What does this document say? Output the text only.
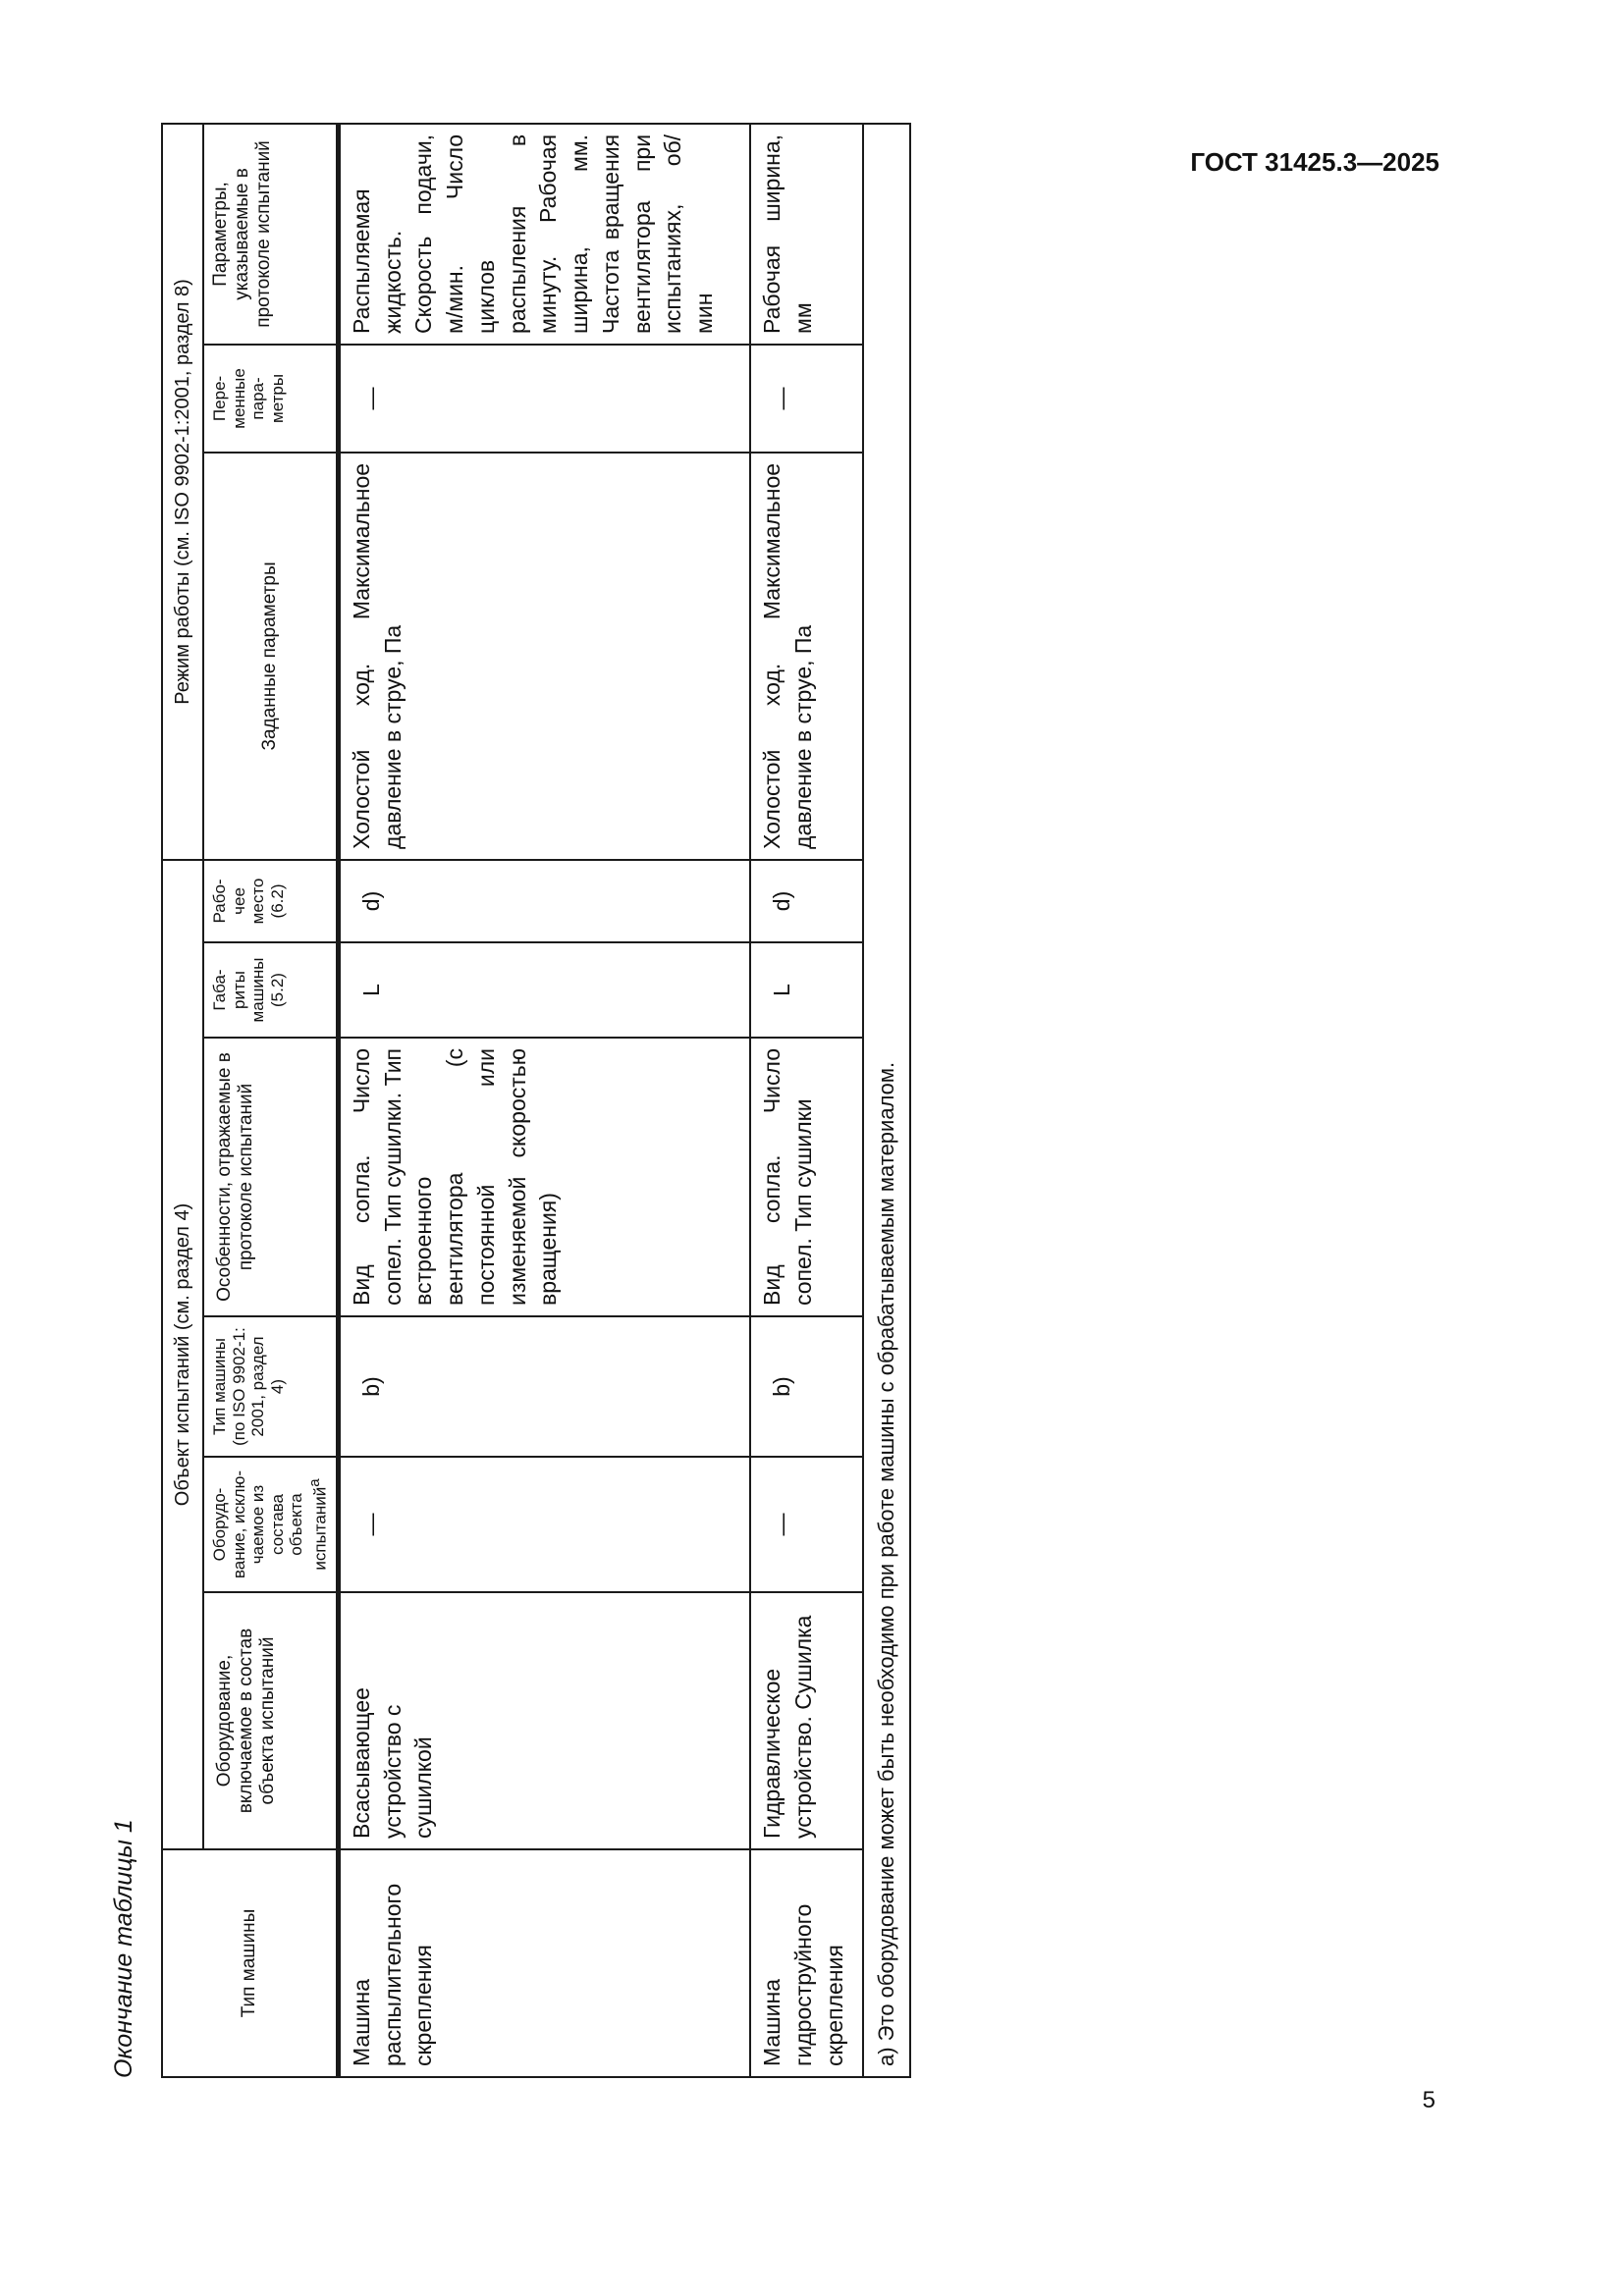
ГОСТ 31425.3—2025
Окончание таблицы 1	Тип машины	Объект испытаний (см. раздел 4)						Режим работы (см. ISO 9902-1:2001, раздел 8)		
	Оборудование, включаемое в состав объекта испытаний	Оборудо-вание, исклю-чаемое из состава объекта испытанийa	Тип машины (по ISO 9902-1: 2001, раздел 4)	Особенности, отражаемые в протоколе испытаний	Габа-риты машины (5.2)	Рабо-чее место (6.2)	Заданные параметры	Пере-менные пара-метры	Параметры, указываемые в протоколе испытаний
Машина распылительного скрепления	Всасывающее устройство с сушилкой	—	b)	Вид сопла. Число сопел. Тип сушилки. Тип встроенного вентилятора (с постоянной или изменяемой скоростью вращения)	L	d)	Холостой ход. Максимальное давление в струе, Па	—	Распыляемая жидкость. Скорость подачи, м/мин. Число циклов распыления в минуту. Рабочая ширина, мм. Частота вращения вентилятора при испытаниях, об/мин
Машина гидроструйного скрепления	Гидравлическое устройство. Сушилка	—	b)	Вид сопла. Число сопел. Тип сушилки	L	d)	Холостой ход. Максимальное давление в струе, Па	—	Рабочая ширина, мм
а) Это оборудование может быть необходимо при работе машины с обрабатываемым материалом.									
5
